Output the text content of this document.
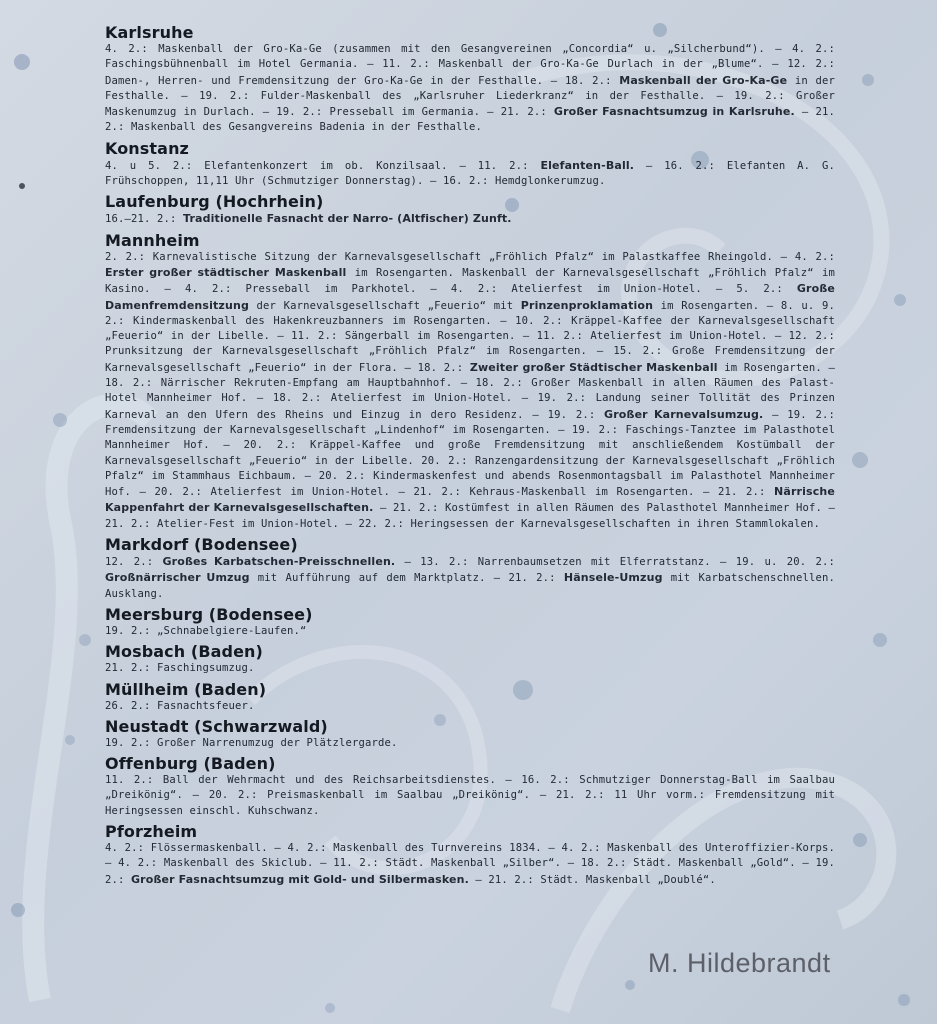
Karlsruhe

4. 2.: Maskenball der Gro-Ka-Ge (zusammen mit den Gesangvereinen „Concordia“ u. „Silcherbund“). — 4. 2.: Faschingsbühnenball im Hotel Germania. — 11. 2.: Maskenball der Gro-Ka-Ge Durlach in der „Blume“. — 12. 2.: Damen-, Herren- und Fremdensitzung der Gro-Ka-Ge in der Festhalle. — 18. 2.: Maskenball der Gro-Ka-Ge in der Festhalle. — 19. 2.: Fulder-Maskenball des „Karlsruher Liederkranz“ in der Festhalle. — 19. 2.: Großer Maskenumzug in Durlach. — 19. 2.: Presseball im Germania. — 21. 2.: Großer Fasnachtsumzug in Karlsruhe. — 21. 2.: Maskenball des Gesangvereins Badenia in der Festhalle.

Konstanz

4. u 5. 2.: Elefantenkonzert im ob. Konzilsaal. — 11. 2.: Elefanten-Ball. — 16. 2.: Elefanten A. G. Frühschoppen, 11,11 Uhr (Schmutziger Donnerstag). — 16. 2.: Hemdglonkerumzug.

Laufenburg (Hochrhein)

16.—21. 2.: Traditionelle Fasnacht der Narro- (Altfischer) Zunft.

Mannheim

2. 2.: Karnevalistische Sitzung der Karnevalsgesellschaft „Fröhlich Pfalz“ im Palastkaffee Rheingold. — 4. 2.: Erster großer städtischer Maskenball im Rosengarten. Maskenball der Karnevalsgesellschaft „Fröhlich Pfalz“ im Kasino. — 4. 2.: Presseball im Parkhotel. — 4. 2.: Atelierfest im Union-Hotel. — 5. 2.: Große Damenfremdensitzung der Karnevalsgesellschaft „Feuerio“ mit Prinzenproklamation im Rosengarten. — 8. u. 9. 2.: Kindermaskenball des Hakenkreuzbanners im Rosengarten. — 10. 2.: Kräppel-Kaffee der Karnevalsgesellschaft „Feuerio“ in der Libelle. — 11. 2.: Sängerball im Rosengarten. — 11. 2.: Atelierfest im Union-Hotel. — 12. 2.: Prunksitzung der Karnevalsgesellschaft „Fröhlich Pfalz“ im Rosengarten. — 15. 2.: Große Fremdensitzung der Karnevalsgesellschaft „Feuerio“ in der Flora. — 18. 2.: Zweiter großer Städtischer Maskenball im Rosengarten. — 18. 2.: Närrischer Rekruten-Empfang am Hauptbahnhof. — 18. 2.: Großer Maskenball in allen Räumen des Palast-Hotel Mannheimer Hof. — 18. 2.: Atelierfest im Union-Hotel. — 19. 2.: Landung seiner Tollität des Prinzen Karneval an den Ufern des Rheins und Einzug in dero Residenz. — 19. 2.: Großer Karnevalsumzug. — 19. 2.: Fremdensitzung der Karnevalsgesellschaft „Lindenhof“ im Rosengarten. — 19. 2.: Faschings-Tanztee im Palasthotel Mannheimer Hof. — 20. 2.: Kräppel-Kaffee und große Fremdensitzung mit anschließendem Kostümball der Karnevalsgesellschaft „Feuerio“ in der Libelle. 20. 2.: Ranzengardensitzung der Karnevalsgesellschaft „Fröhlich Pfalz“ im Stammhaus Eichbaum. — 20. 2.: Kindermaskenfest und abends Rosenmontagsball im Palasthotel Mannheimer Hof. — 20. 2.: Atelierfest im Union-Hotel. — 21. 2.: Kehraus-Maskenball im Rosengarten. — 21. 2.: Närrische Kappenfahrt der Karnevalsgesellschaften. — 21. 2.: Kostümfest in allen Räumen des Palasthotel Mannheimer Hof. — 21. 2.: Atelier-Fest im Union-Hotel. — 22. 2.: Heringsessen der Karnevalsgesellschaften in ihren Stammlokalen.

Markdorf (Bodensee)

12. 2.: Großes Karbatschen-Preisschnellen. — 13. 2.: Narrenbaumsetzen mit Elferratstanz. — 19. u. 20. 2.: Großnärrischer Umzug mit Aufführung auf dem Marktplatz. — 21. 2.: Hänsele-Umzug mit Karbatschenschnellen. Ausklang.

Meersburg (Bodensee)

19. 2.: „Schnabelgiere-Laufen.“

Mosbach (Baden)

21. 2.: Faschingsumzug.

Müllheim (Baden)

26. 2.: Fasnachtsfeuer.

Neustadt (Schwarzwald)

19. 2.: Großer Narrenumzug der Plätzlergarde.

Offenburg (Baden)

11. 2.: Ball der Wehrmacht und des Reichsarbeitsdienstes. — 16. 2.: Schmutziger Donnerstag-Ball im Saalbau „Dreikönig“. — 20. 2.: Preismaskenball im Saalbau „Dreikönig“. — 21. 2.: 11 Uhr vorm.: Fremdensitzung mit Heringsessen einschl. Kuhschwanz.

Pforzheim

4. 2.: Flössermaskenball. — 4. 2.: Maskenball des Turnvereins 1834. — 4. 2.: Maskenball des Unteroffizier-Korps. — 4. 2.: Maskenball des Skiclub. — 11. 2.: Städt. Maskenball „Silber“. — 18. 2.: Städt. Maskenball „Gold“. — 19. 2.: Großer Fasnachtsumzug mit Gold- und Silbermasken. — 21. 2.: Städt. Maskenball „Doublé“.

M. Hildebrandt
